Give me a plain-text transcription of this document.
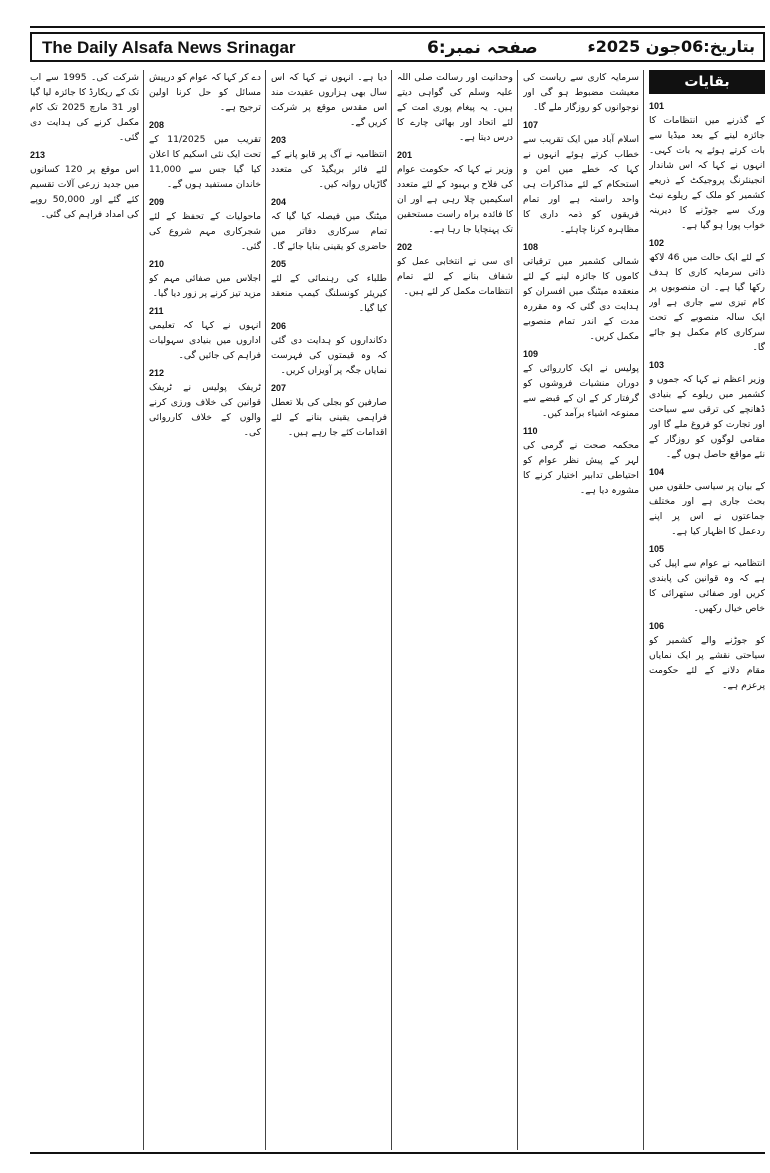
The Daily Alsafa News Srinagar	صفحہ نمبر:6	بتاریخ:06جون 2025ء
بقایات
101

کے گذرنے میں انتظامات کا جائزہ لینے کے بعد میڈیا سے بات کرتے ہوئے یہ بات کہی۔ انہوں نے کہا کہ اس شاندار انجینئرنگ پروجیکٹ کے ذریعے کشمیر کو ملک کے ریلوے نیٹ ورک سے جوڑنے کا دیرینہ خواب پورا ہو گیا ہے۔

102

کے لئے ایک حالت میں 46 لاکھ ذاتی سرمایہ کاری کا ہدف رکھا گیا ہے۔ ان منصوبوں پر کام تیزی سے جاری ہے اور ایک سالہ منصوبے کے تحت سرکاری کام مکمل ہو جائے گا۔

103

وزیر اعظم نے کہا کہ جموں و کشمیر میں ریلوے کے بنیادی ڈھانچے کی ترقی سے سیاحت اور تجارت کو فروغ ملے گا اور مقامی لوگوں کو روزگار کے نئے مواقع حاصل ہوں گے۔

104

کے بیان پر سیاسی حلقوں میں بحث جاری ہے اور مختلف جماعتوں نے اس پر اپنے ردعمل کا اظہار کیا ہے۔

105

انتظامیہ نے عوام سے اپیل کی ہے کہ وہ قوانین کی پابندی کریں اور صفائی ستھرائی کا خاص خیال رکھیں۔

106

کو جوڑنے والے کشمیر کو سیاحتی نقشے پر ایک نمایاں مقام دلانے کے لئے حکومت پرعزم ہے۔

سرمایہ کاری سے ریاست کی معیشت مضبوط ہو گی اور نوجوانوں کو روزگار ملے گا۔

107

اسلام آباد میں ایک تقریب سے خطاب کرتے ہوئے انہوں نے کہا کہ خطے میں امن و استحکام کے لئے مذاکرات ہی واحد راستہ ہے اور تمام فریقوں کو ذمہ داری کا مظاہرہ کرنا چاہئے۔

108

شمالی کشمیر میں ترقیاتی کاموں کا جائزہ لینے کے لئے منعقدہ میٹنگ میں افسران کو ہدایت دی گئی کہ وہ مقررہ مدت کے اندر تمام منصوبے مکمل کریں۔

109

پولیس نے ایک کارروائی کے دوران منشیات فروشوں کو گرفتار کر کے ان کے قبضے سے ممنوعہ اشیاء برآمد کیں۔

110

محکمہ صحت نے گرمی کی لہر کے پیش نظر عوام کو احتیاطی تدابیر اختیار کرنے کا مشورہ دیا ہے۔

وحدانیت اور رسالت صلی اللہ علیہ وسلم کی گواہی دیتے ہیں۔ یہ پیغام پوری امت کے لئے اتحاد اور بھائی چارے کا درس دیتا ہے۔

201

وزیر نے کہا کہ حکومت عوام کی فلاح و بہبود کے لئے متعدد اسکیمیں چلا رہی ہے اور ان کا فائدہ براہ راست مستحقین تک پہنچایا جا رہا ہے۔

202

ای سی نے انتخابی عمل کو شفاف بنانے کے لئے تمام انتظامات مکمل کر لئے ہیں۔

دیا ہے۔ انہوں نے کہا کہ اس سال بھی ہزاروں عقیدت مند اس مقدس موقع پر شرکت کریں گے۔

203

انتظامیہ نے آگ پر قابو پانے کے لئے فائر بریگیڈ کی متعدد گاڑیاں روانہ کیں۔

204

میٹنگ میں فیصلہ کیا گیا کہ تمام سرکاری دفاتر میں حاضری کو یقینی بنایا جائے گا۔

205

طلباء کی رہنمائی کے لئے کیریئر کونسلنگ کیمپ منعقد کیا گیا۔

206

دکانداروں کو ہدایت دی گئی کہ وہ قیمتوں کی فہرست نمایاں جگہ پر آویزاں کریں۔

207

صارفین کو بجلی کی بلا تعطل فراہمی یقینی بنانے کے لئے اقدامات کئے جا رہے ہیں۔

دے کر کہا کہ عوام کو درپیش مسائل کو حل کرنا اولین ترجیح ہے۔

208

تقریب میں 11/2025 کے تحت ایک نئی اسکیم کا اعلان کیا گیا جس سے 11,000 خاندان مستفید ہوں گے۔

209

ماحولیات کے تحفظ کے لئے شجرکاری مہم شروع کی گئی۔

210

اجلاس میں صفائی مہم کو مزید تیز کرنے پر زور دیا گیا۔

211

انہوں نے کہا کہ تعلیمی اداروں میں بنیادی سہولیات فراہم کی جائیں گی۔

212

ٹریفک پولیس نے ٹریفک قوانین کی خلاف ورزی کرنے والوں کے خلاف کارروائی کی۔

شرکت کی۔ 1995 سے اب تک کے ریکارڈ کا جائزہ لیا گیا اور 31 مارچ 2025 تک کام مکمل کرنے کی ہدایت دی گئی۔

213

اس موقع پر 120 کسانوں میں جدید زرعی آلات تقسیم کئے گئے اور 50,000 روپے کی امداد فراہم کی گئی۔
